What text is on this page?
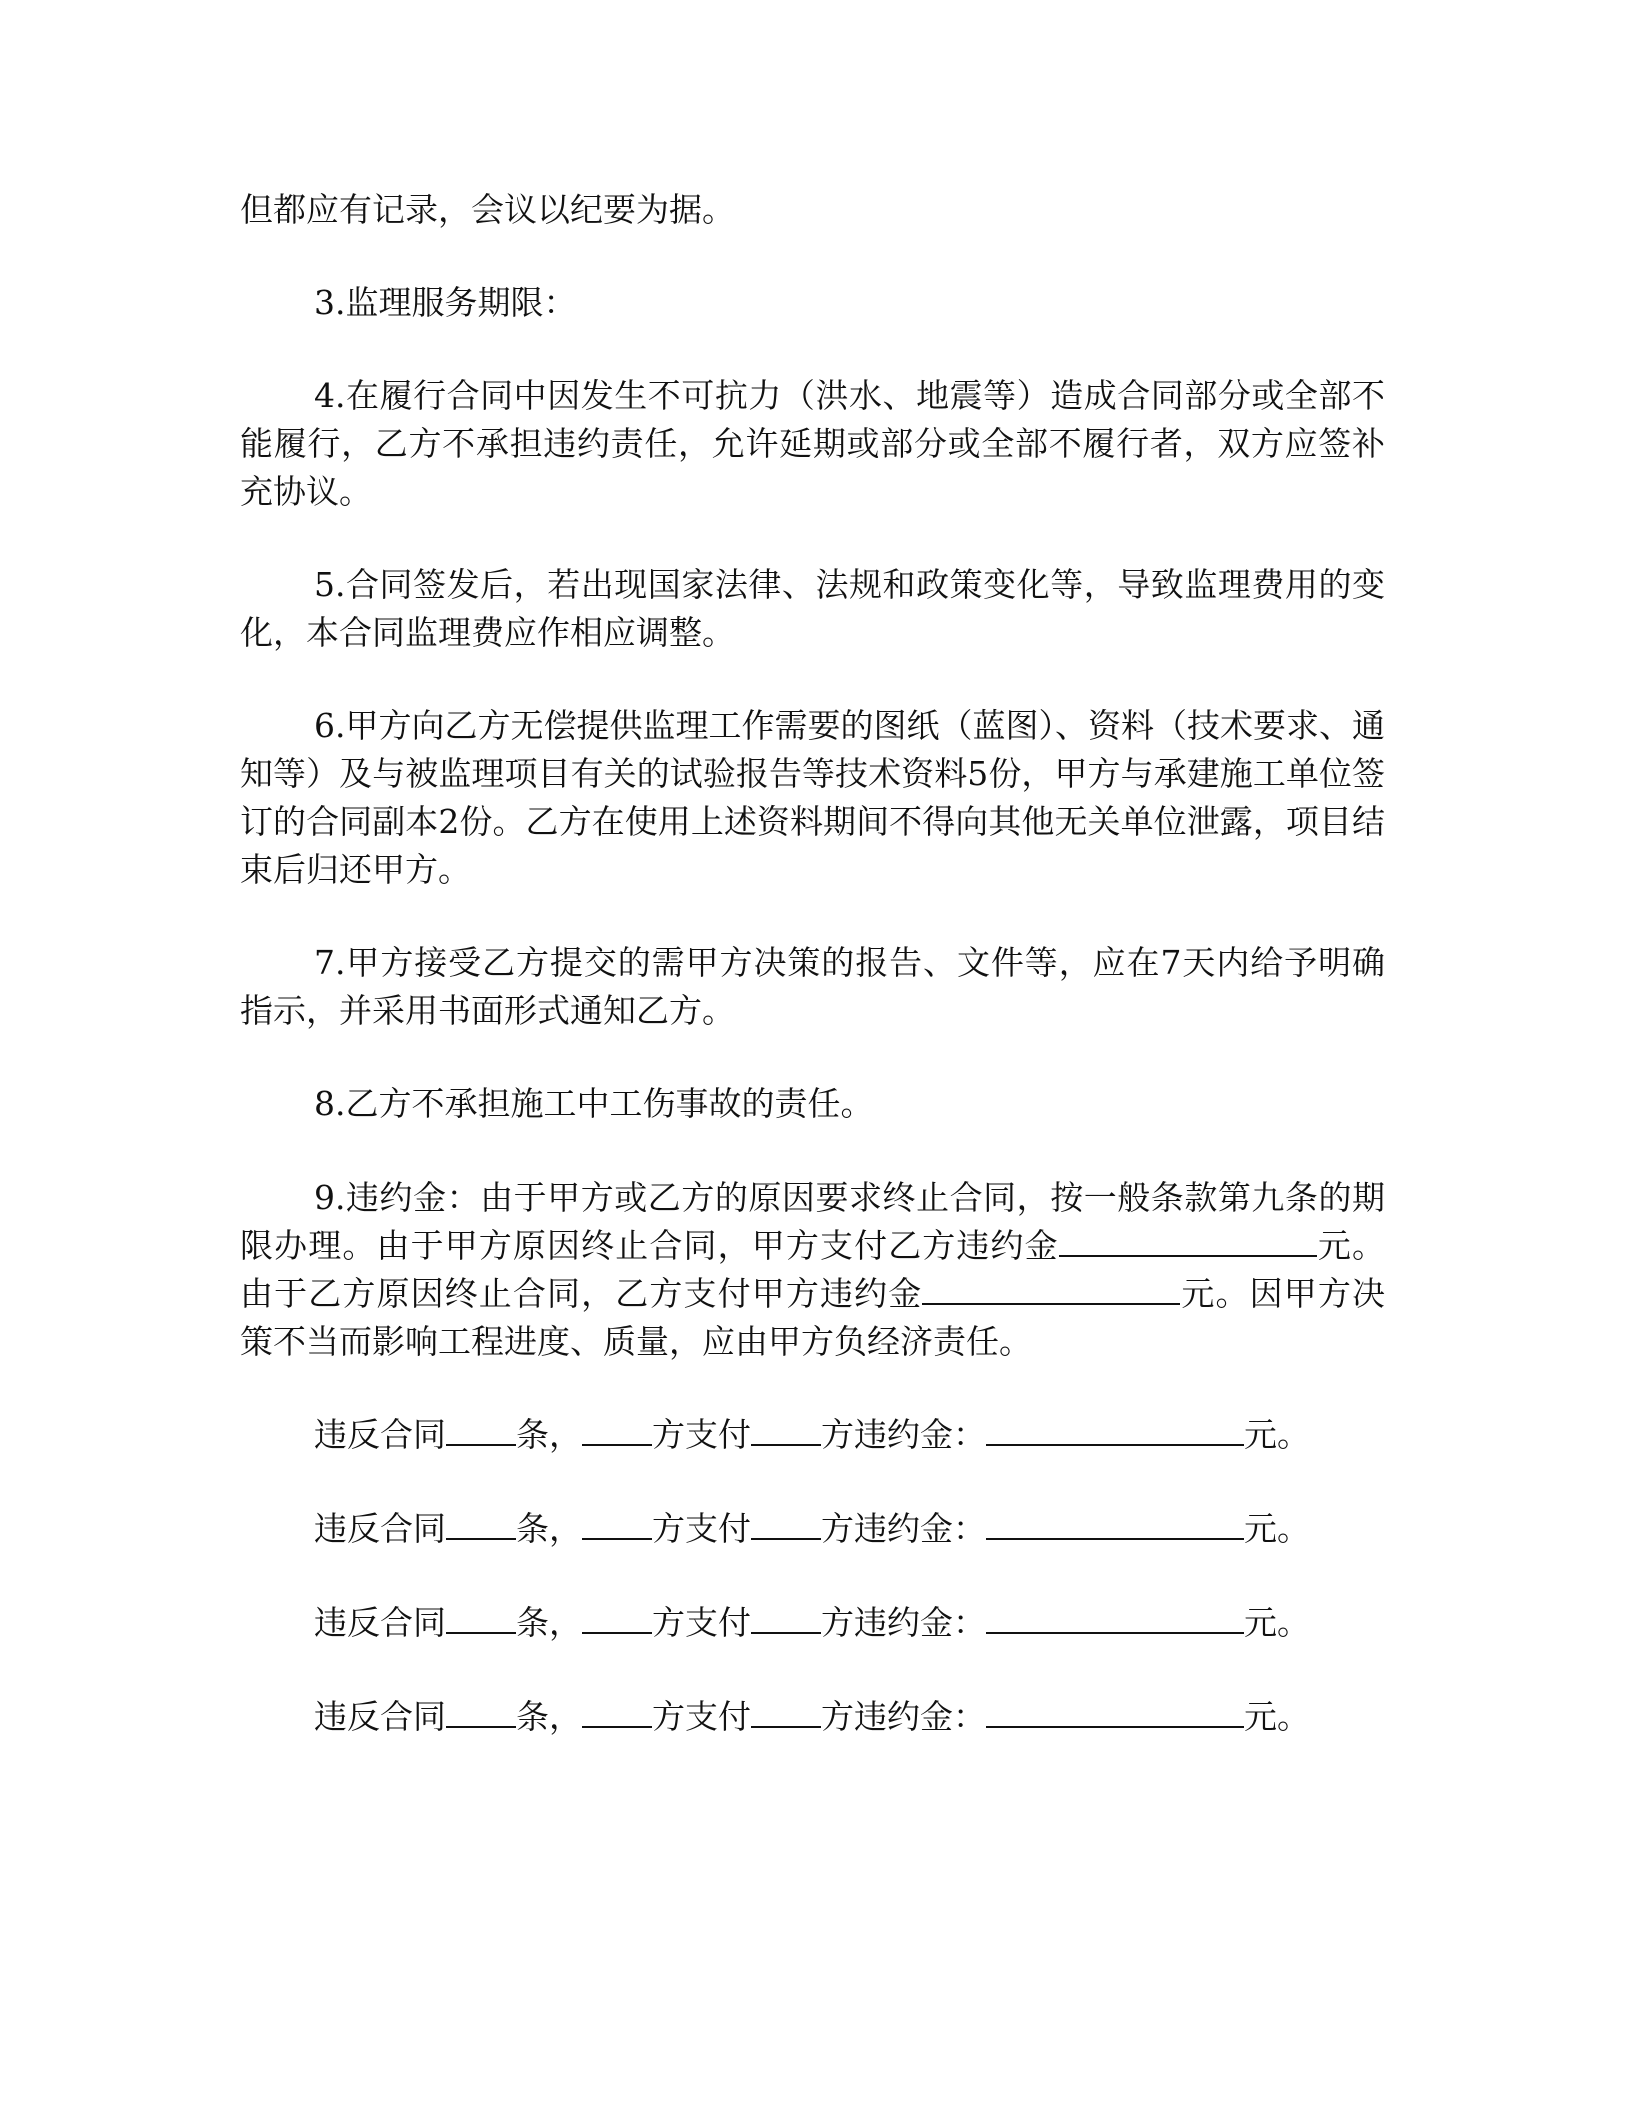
但都应有记录，会议以纪要为据。

3.监理服务期限：

4.在履行合同中因发生不可抗力（洪水、地震等）造成合同部分或全部不能履行，乙方不承担违约责任，允许延期或部分或全部不履行者，双方应签补充协议。

5.合同签发后，若出现国家法律、法规和政策变化等，导致监理费用的变化，本合同监理费应作相应调整。

6.甲方向乙方无偿提供监理工作需要的图纸（蓝图）、资料（技术要求、通知等）及与被监理项目有关的试验报告等技术资料5份，甲方与承建施工单位签订的合同副本2份。乙方在使用上述资料期间不得向其他无关单位泄露，项目结束后归还甲方。

7.甲方接受乙方提交的需甲方决策的报告、文件等，应在7天内给予明确指示，并采用书面形式通知乙方。

8.乙方不承担施工中工伤事故的责任。

9.违约金：由于甲方或乙方的原因要求终止合同，按一般条款第九条的期限办理。由于甲方原因终止合同，甲方支付乙方违约金	元。由于乙方原因终止合同，乙方支付甲方违约金	元。因甲方决策不当而影响工程进度、质量，应由甲方负经济责任。

违反合同 条， 方支付 方违约金：	元。
违反合同 条， 方支付 方违约金：	元。
违反合同 条， 方支付 方违约金：	元。
违反合同 条， 方支付 方违约金：	元。
